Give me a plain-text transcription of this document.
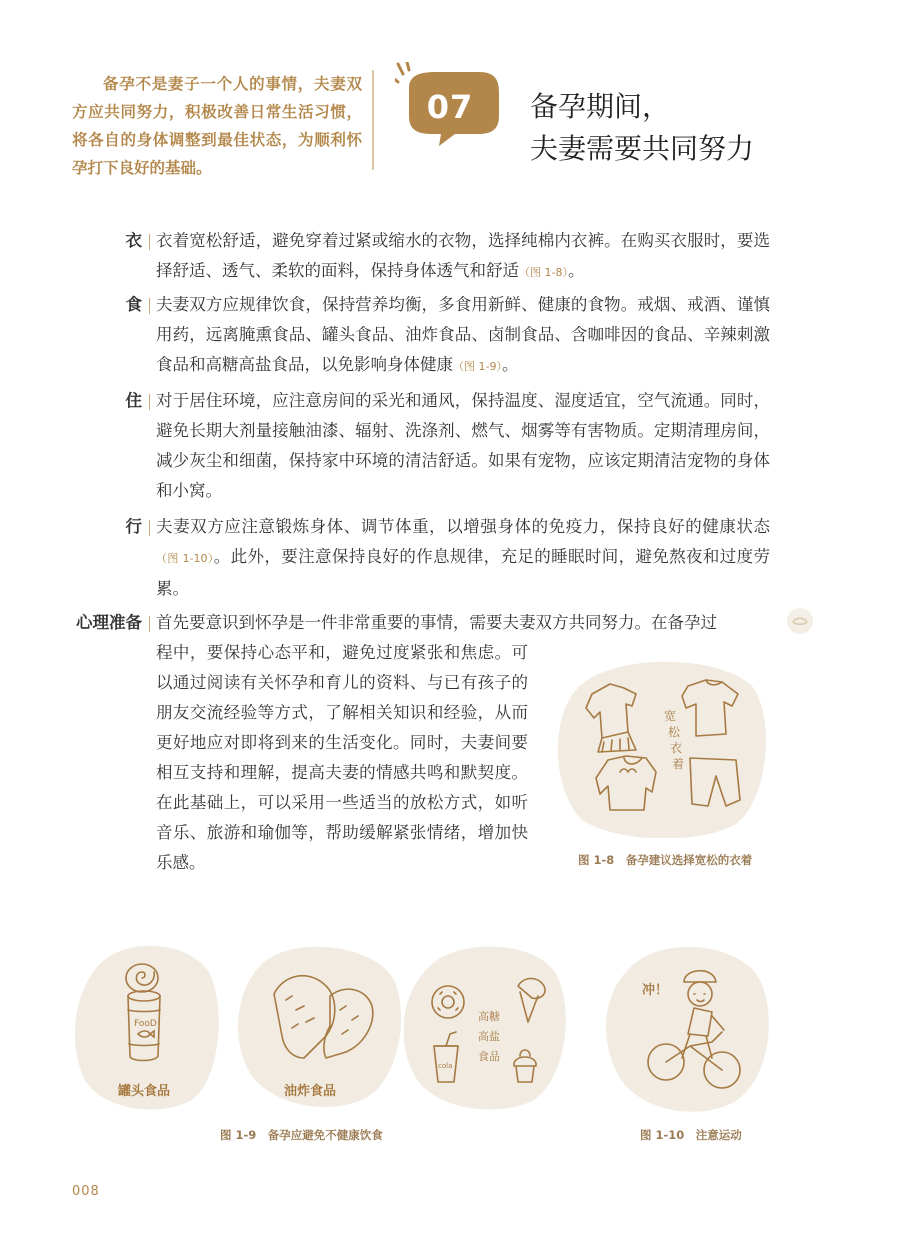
备孕不是妻子一个人的事情，夫妻双方应共同努力，积极改善日常生活习惯，将各自的身体调整到最佳状态，为顺利怀孕打下良好的基础。
07	备孕期间，
夫妻需要共同努力
衣 衣着宽松舒适，避免穿着过紧或缩水的衣物，选择纯棉内衣裤。在购买衣服时，要选择舒适、透气、柔软的面料，保持身体透气和舒适（图 1-8）。
食 夫妻双方应规律饮食，保持营养均衡，多食用新鲜、健康的食物。戒烟、戒酒、谨慎用药，远离腌熏食品、罐头食品、油炸食品、卤制食品、含咖啡因的食品、辛辣刺激食品和高糖高盐食品，以免影响身体健康（图 1-9）。
住 对于居住环境，应注意房间的采光和通风，保持温度、湿度适宜，空气流通。同时，避免长期大剂量接触油漆、辐射、洗涤剂、燃气、烟雾等有害物质。定期清理房间，减少灰尘和细菌，保持家中环境的清洁舒适。如果有宠物，应该定期清洁宠物的身体和小窝。
行 夫妻双方应注意锻炼身体、调节体重，以增强身体的免疫力，保持良好的健康状态（图 1-10）。此外，要注意保持良好的作息规律，充足的睡眠时间，避免熬夜和过度劳累。
心理准备 首先要意识到怀孕是一件非常重要的事情，需要夫妻双方共同努力。在备孕过
程中，要保持心态平和，避免过度紧张和焦虑。可以通过阅读有关怀孕和育儿的资料、与已有孩子的朋友交流经验等方式，了解相关知识和经验，从而更好地应对即将到来的生活变化。同时，夫妻间要相互支持和理解，提高夫妻的情感共鸣和默契度。在此基础上，可以采用一些适当的放松方式，如听音乐、旅游和瑜伽等，帮助缓解紧张情绪，增加快乐感。
宽松衣着
图 1-8　备孕建议选择宽松的衣着
FooD
罐头食品	油炸食品
cola
高糖
高盐
食品
图 1-9　备孕应避免不健康饮食
冲！
图 1-10　注意运动
008
